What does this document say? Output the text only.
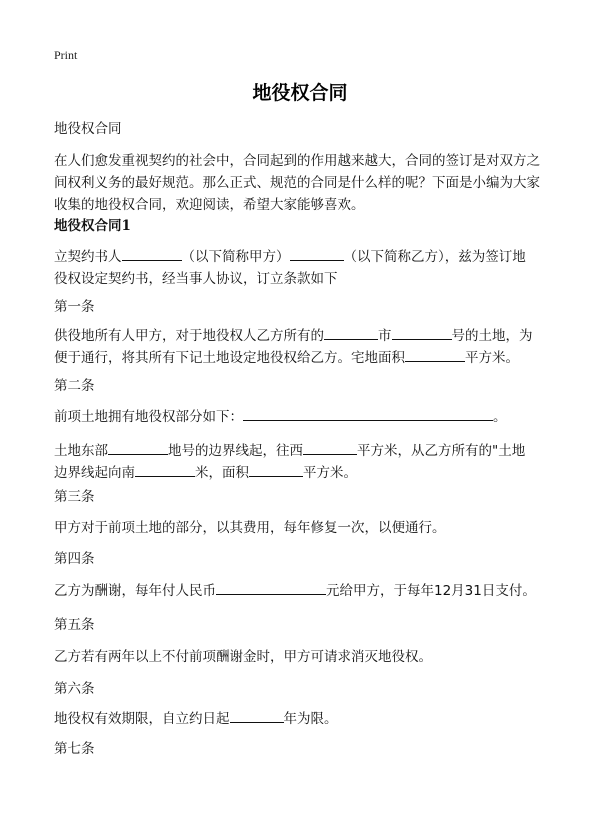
Print
地役权合同
地役权合同
在人们愈发重视契约的社会中，合同起到的作用越来越大，合同的签订是对双方之
间权利义务的最好规范。那么正式、规范的合同是什么样的呢？下面是小编为大家
收集的地役权合同，欢迎阅读，希望大家能够喜欢。
地役权合同1
立契约书人	（以下简称甲方）	（以下简称乙方），兹为签订地
役权设定契约书，经当事人协议，订立条款如下
第一条
供役地所有人甲方，对于地役权人乙方所有的	市	号的土地，为
便于通行，将其所有下记土地设定地役权给乙方。宅地面积	平方米。
第二条
前项土地拥有地役权部分如下：	。
土地东部	地号的边界线起，往西	平方米，从乙方所有的"土地
边界线起向南	米，面积	平方米。
第三条
甲方对于前项土地的部分，以其费用，每年修复一次，以便通行。
第四条
乙方为酬谢，每年付人民币	元给甲方，于每年12月31日支付。
第五条
乙方若有两年以上不付前项酬谢金时，甲方可请求消灭地役权。
第六条
地役权有效期限，自立约日起	年为限。
第七条
